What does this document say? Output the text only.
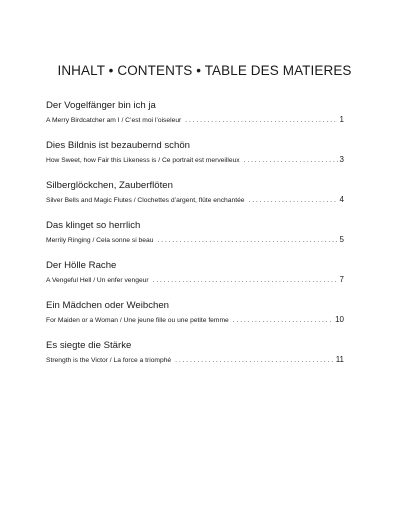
INHALT • CONTENTS • TABLE DES MATIERES
Der Vogelfänger bin ich ja
A Merry Birdcatcher am I / C’est moi l’oiseleur . . .	1
Dies Bildnis ist bezaubernd schön
How Sweet, how Fair this Likeness is / Ce portrait est merveilleux . . .	3
Silberglöckchen, Zauberflöten
Silver Bells and Magic Flutes / Clochettes d’argent, flûte enchantée . . .	4
Das klinget so herrlich
Merrily Ringing / Cela sonne si beau . . .	5
Der Hölle Rache
A Vengeful Hell / Un enfer vengeur . . .	7
Ein Mädchen oder Weibchen
For Maiden or a Woman / Une jeune fille ou une petite femme . . .	10
Es siegte die Stärke
Strength is the Victor / La force a triomphé . . .	11
